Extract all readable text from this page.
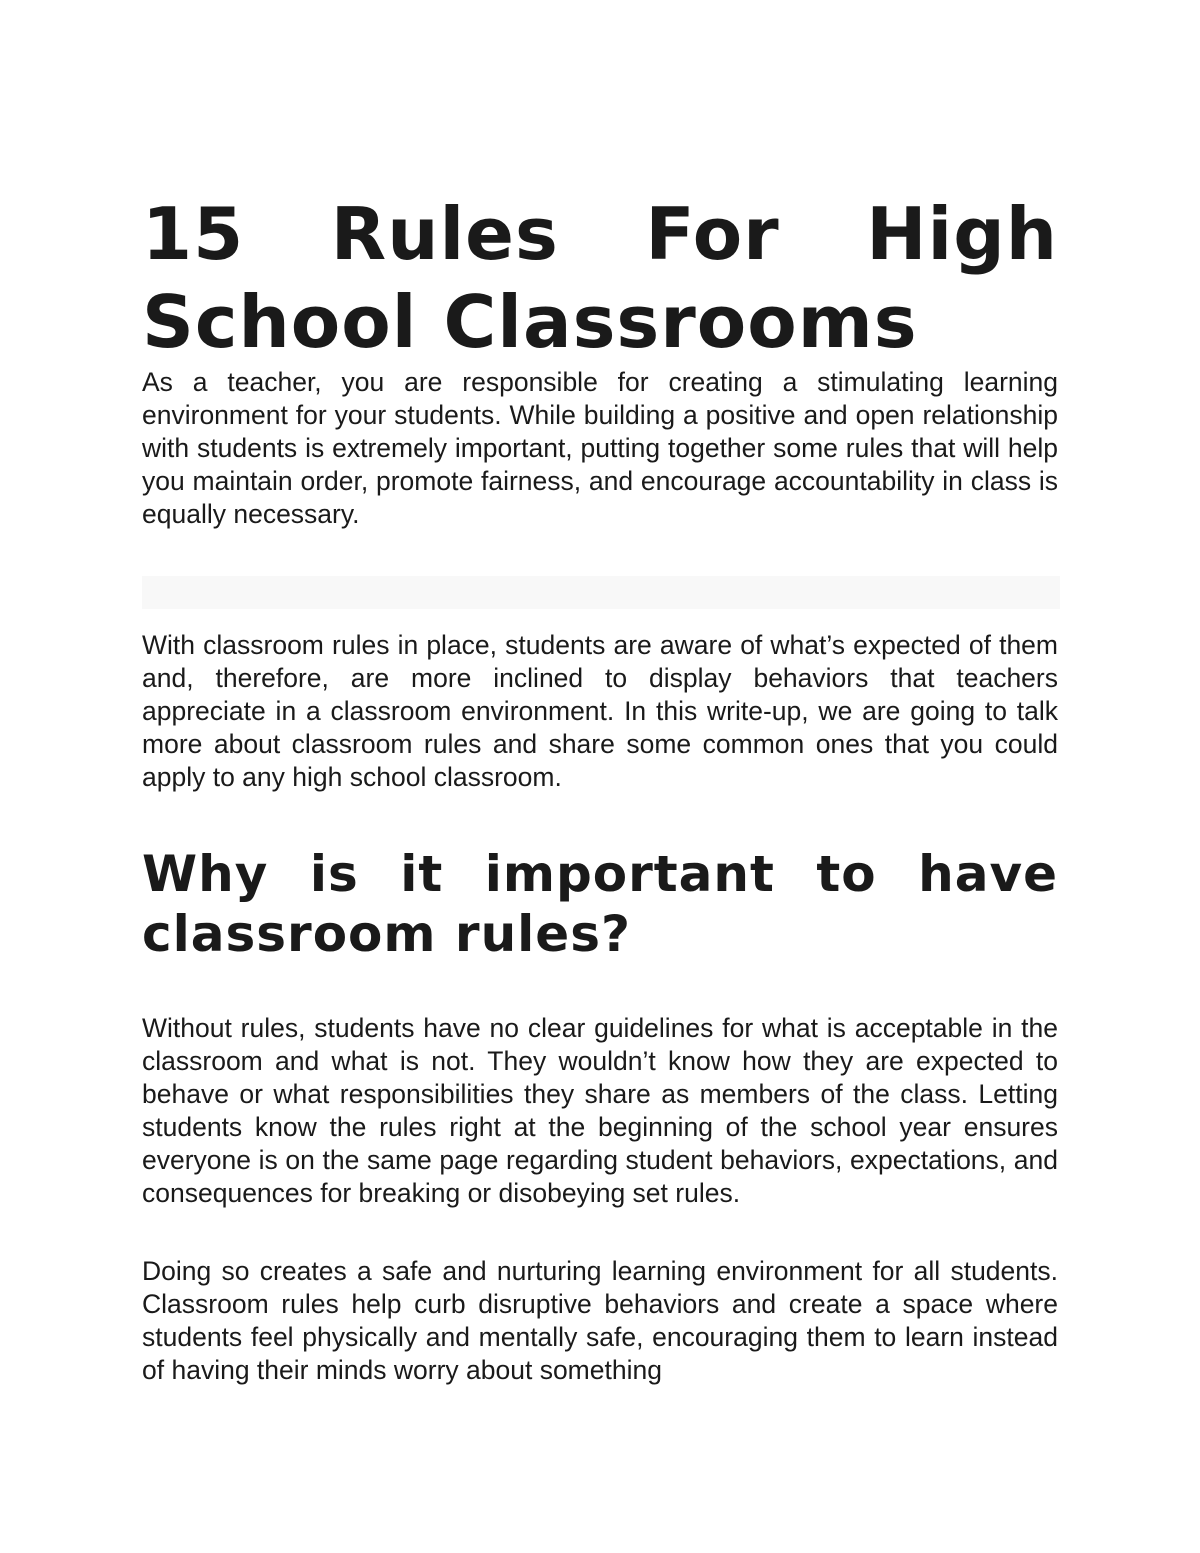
15 Rules For High School Classrooms

As a teacher, you are responsible for creating a stimulating learning environment for your students. While building a positive and open relationship with students is extremely important, putting together some rules that will help you maintain order, promote fairness, and encourage accountability in class is equally necessary.

With classroom rules in place, students are aware of what’s expected of them and, therefore, are more inclined to display behaviors that teachers appreciate in a classroom environment. In this write-up, we are going to talk more about classroom rules and share some common ones that you could apply to any high school classroom.

Why is it important to have classroom rules?

Without rules, students have no clear guidelines for what is acceptable in the classroom and what is not. They wouldn’t know how they are expected to behave or what responsibilities they share as members of the class. Letting students know the rules right at the beginning of the school year ensures everyone is on the same page regarding student behaviors, expectations, and consequences for breaking or disobeying set rules.

Doing so creates a safe and nurturing learning environment for all students. Classroom rules help curb disruptive behaviors and create a space where students feel physically and mentally safe, encouraging them to learn instead of having their minds worry about something
